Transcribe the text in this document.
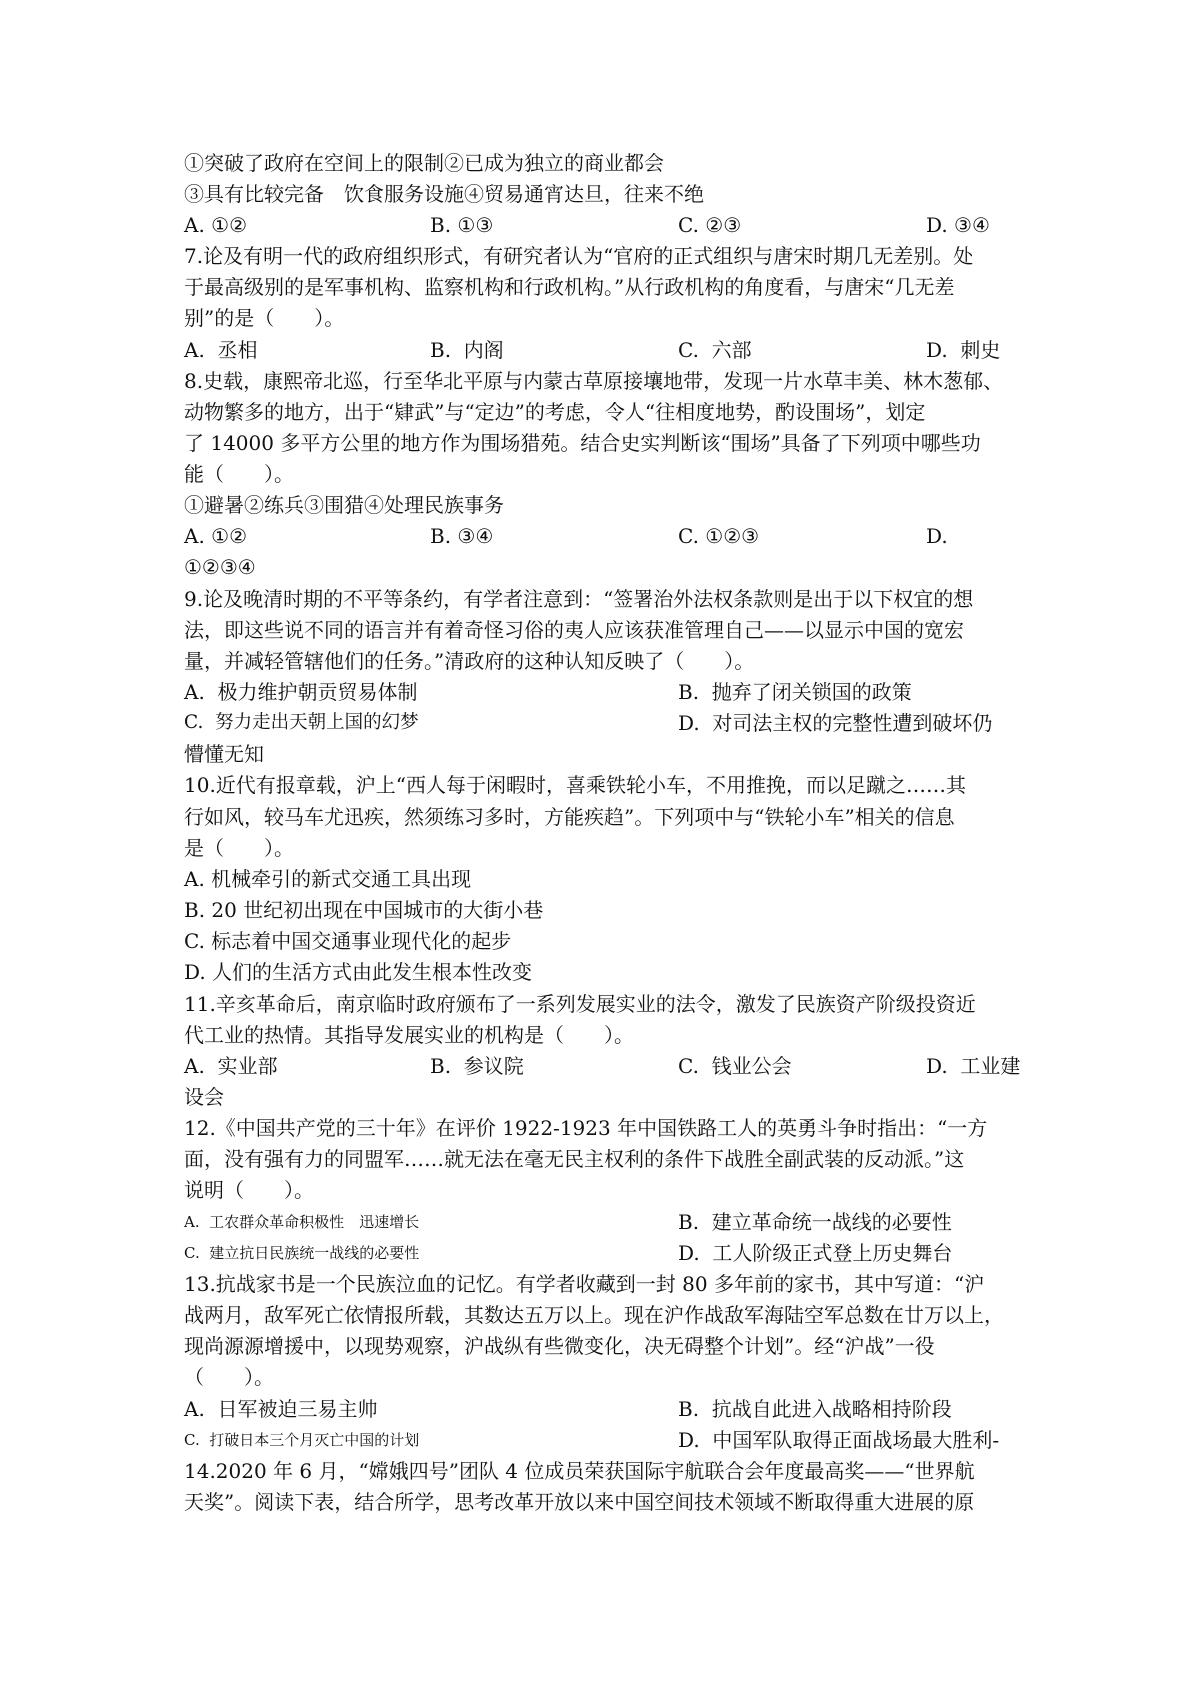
①突破了政府在空间上的限制②已成为独立的商业都会
③具有比较完备　饮食服务设施④贸易通宵达旦，往来不绝
A. ①②	B. ①③	C. ②③	D. ③④
7.论及有明一代的政府组织形式，有研究者认为“官府的正式组织与唐宋时期几无差别。处
于最高级别的是军事机构、监察机构和行政机构。”从行政机构的角度看，与唐宋“几无差
别”的是（　　）。
A.  丞相	B.  内阁	C.  六部	D.  刺史
8.史载，康熙帝北巡，行至华北平原与内蒙古草原接壤地带，发现一片水草丰美、林木葱郁、
动物繁多的地方，出于“肄武”与“定边”的考虑，令人“往相度地势，酌设围场”，划定
了 14000 多平方公里的地方作为围场猎苑。结合史实判断该“围场”具备了下列项中哪些功
能（　　）。
①避暑②练兵③围猎④处理民族事务
A. ①②	B. ③④	C. ①②③	D.
①②③④
9.论及晚清时期的不平等条约，有学者注意到：“签署治外法权条款则是出于以下权宜的想
法，即这些说不同的语言并有着奇怪习俗的夷人应该获准管理自己——以显示中国的宽宏
量，并减轻管辖他们的任务。”清政府的这种认知反映了（　　）。
A.  极力维护朝贡贸易体制	B.  抛弃了闭关锁国的政策
C.  努力走出天朝上国的幻梦	D.  对司法主权的完整性遭到破坏仍
懵懂无知
10.近代有报章载，沪上“西人每于闲暇时，喜乘铁轮小车，不用推挽，而以足蹴之……其
行如风，较马车尤迅疾，然须练习多时，方能疾趋”。下列项中与“铁轮小车”相关的信息
是（　　）。
A. 机械牵引的新式交通工具出现
B. 20 世纪初出现在中国城市的大街小巷
C. 标志着中国交通事业现代化的起步
D. 人们的生活方式由此发生根本性改变
11.辛亥革命后，南京临时政府颁布了一系列发展实业的法令，激发了民族资产阶级投资近
代工业的热情。其指导发展实业的机构是（　　）。
A.  实业部	B.  参议院	C.  钱业公会	D.  工业建
设会
12.《中国共产党的三十年》在评价 1922-1923 年中国铁路工人的英勇斗争时指出：“一方
面，没有强有力的同盟军……就无法在毫无民主权利的条件下战胜全副武装的反动派。”这
说明（　　）。
A.  工农群众革命积极性　迅速增长	B.  建立革命统一战线的必要性
C.  建立抗日民族统一战线的必要性	D.  工人阶级正式登上历史舞台
13.抗战家书是一个民族泣血的记忆。有学者收藏到一封 80 多年前的家书，其中写道：“沪
战两月，敌军死亡依情报所载，其数达五万以上。现在沪作战敌军海陆空军总数在廿万以上，
现尚源源增援中，以现势观察，沪战纵有些微变化，决无碍整个计划”。经“沪战”一役
（　　）。
A.  日军被迫三易主帅	B.  抗战自此进入战略相持阶段
C.  打破日本三个月灭亡中国的计划	D.  中国军队取得正面战场最大胜利-
14.2020 年 6 月，“嫦娥四号”团队 4 位成员荣获国际宇航联合会年度最高奖——“世界航
天奖”。阅读下表，结合所学，思考改革开放以来中国空间技术领域不断取得重大进展的原
